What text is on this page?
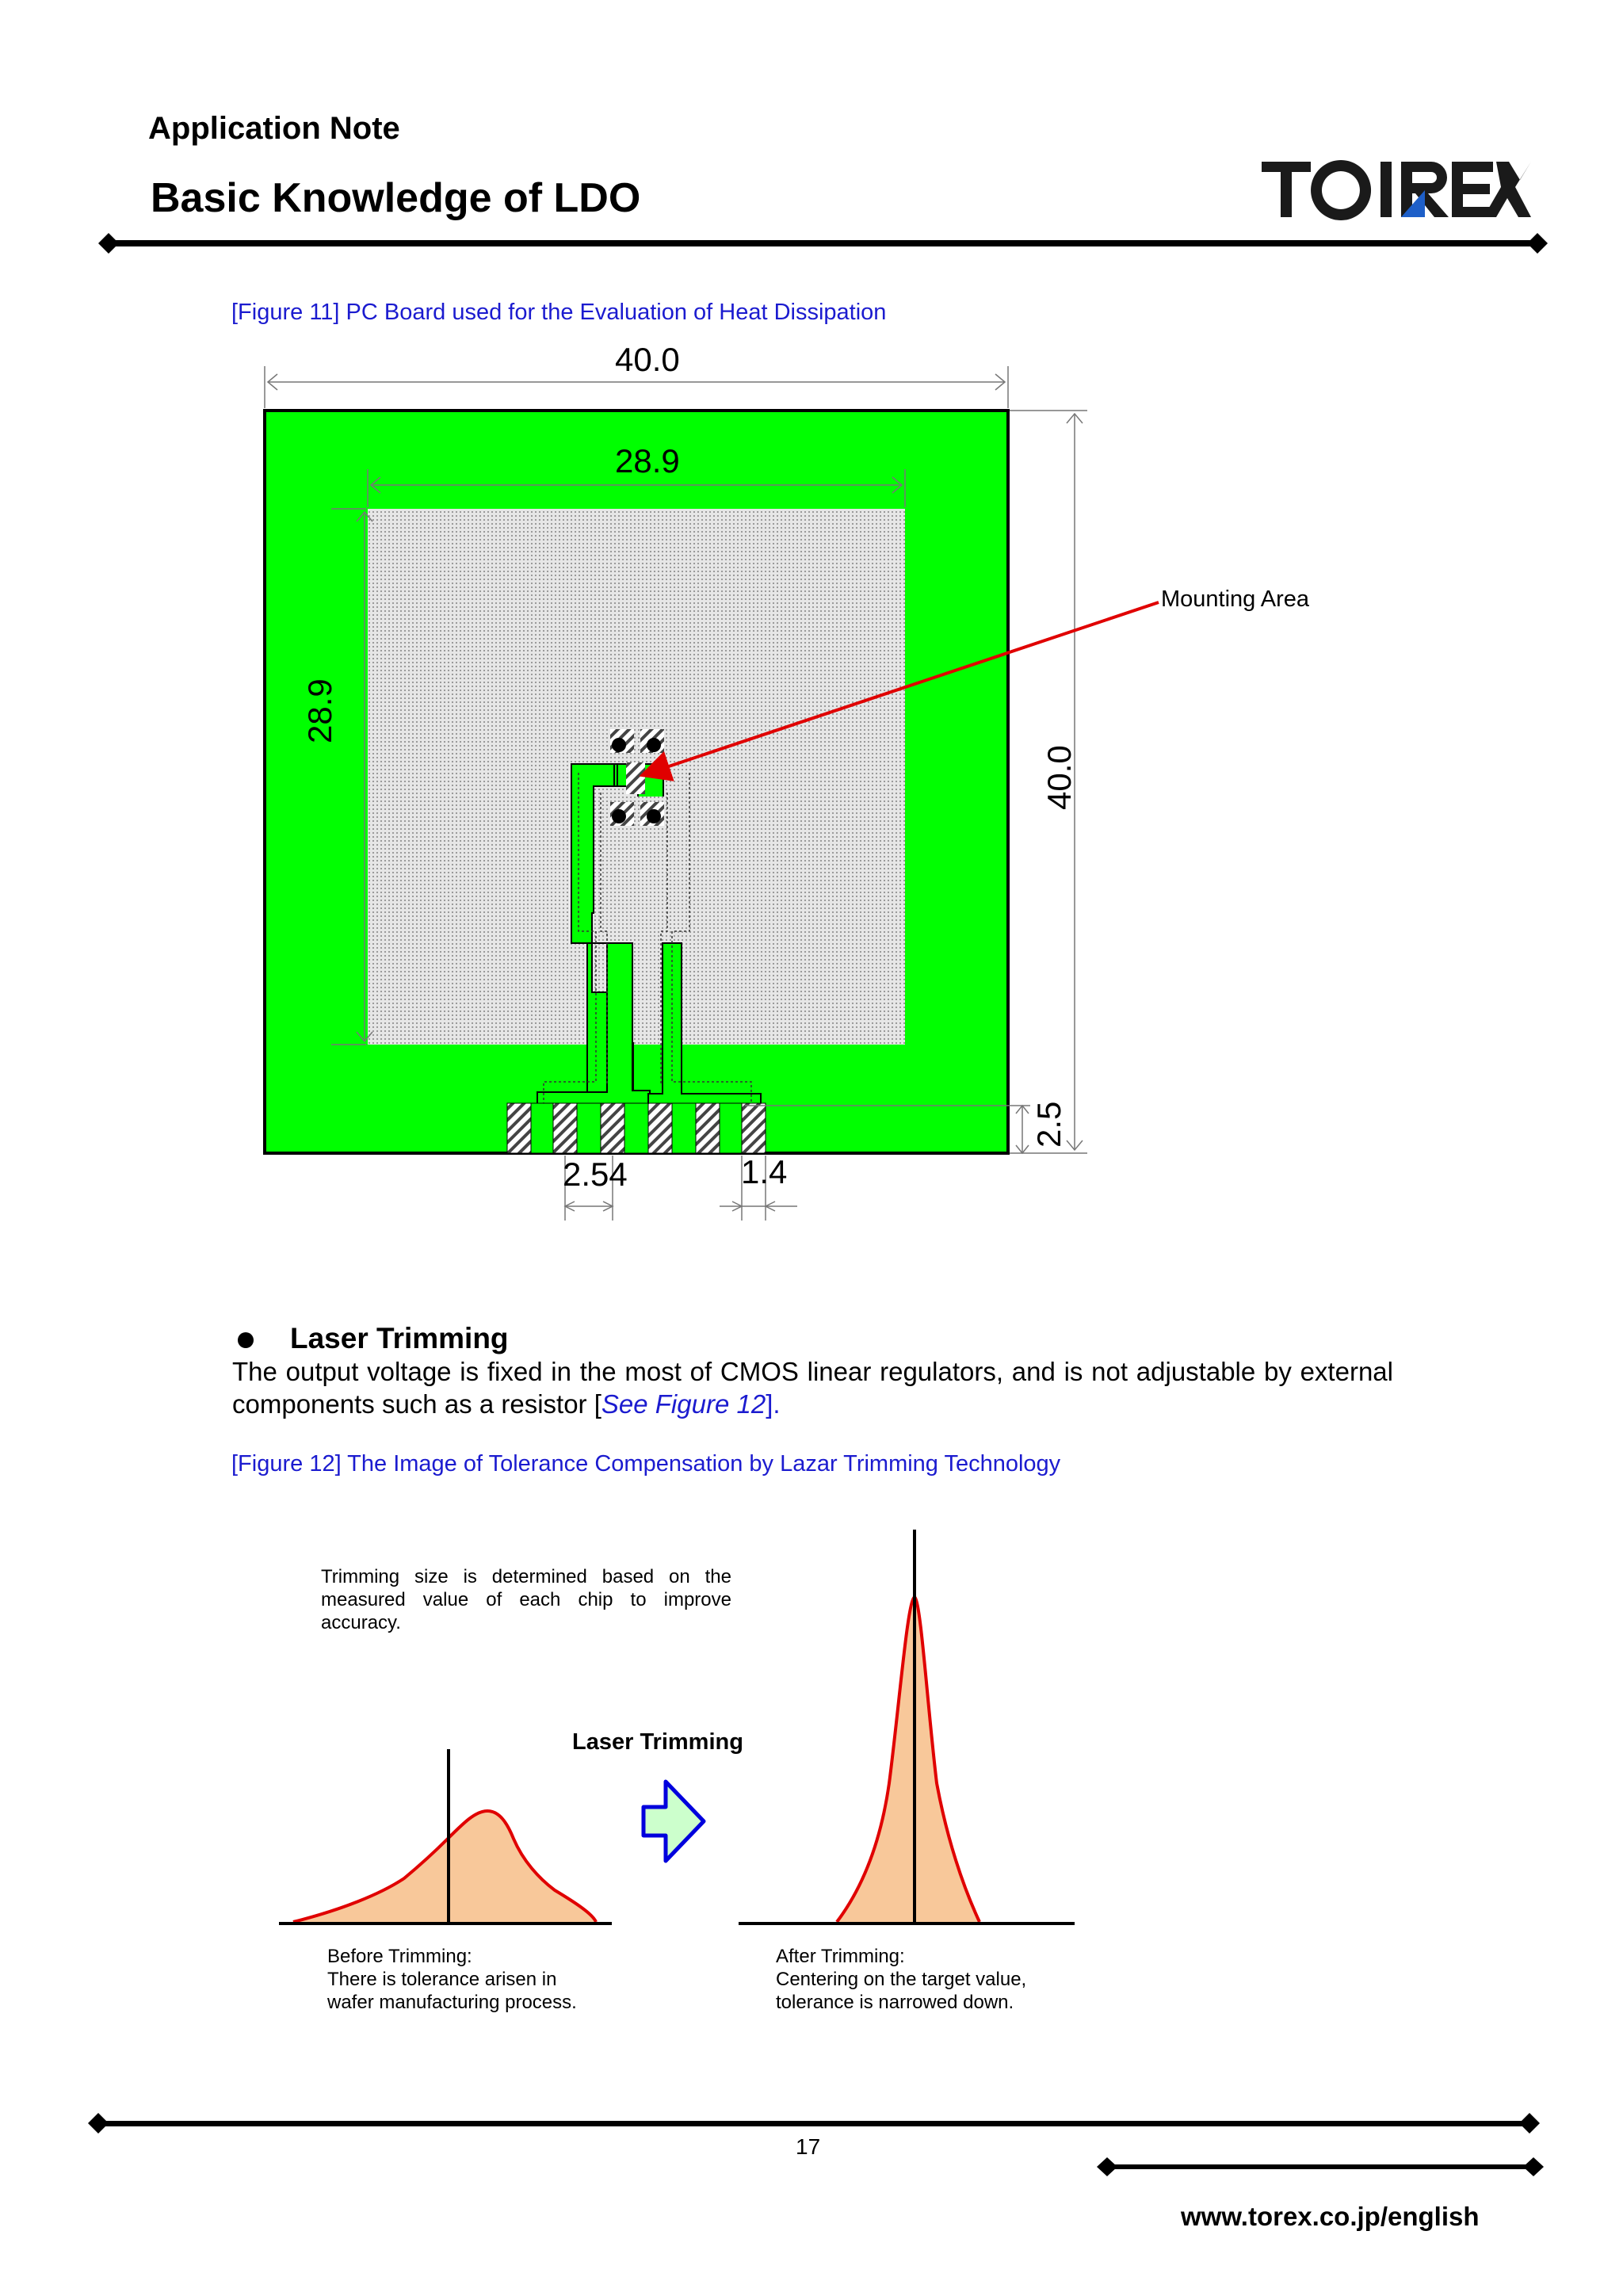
Application Note
Basic Knowledge of LDO
[Figure 11] PC Board used for the Evaluation of Heat Dissipation
40.0
28.9
28.9
40.0
2.5
2.54	1.4
Mounting Area
Laser Trimming
The output voltage is fixed in the most of CMOS linear regulators, and is not adjustable by external components such as a resistor [See Figure 12].
[Figure 12] The Image of Tolerance Compensation by Lazar Trimming Technology
Trimming size is determined based on the
measured value of each chip to improve
accuracy.
Laser Trimming
Before Trimming:
There is tolerance arisen in
wafer manufacturing process.
After Trimming:
Centering on the target value,
tolerance is narrowed down.
17
www.torex.co.jp/english
